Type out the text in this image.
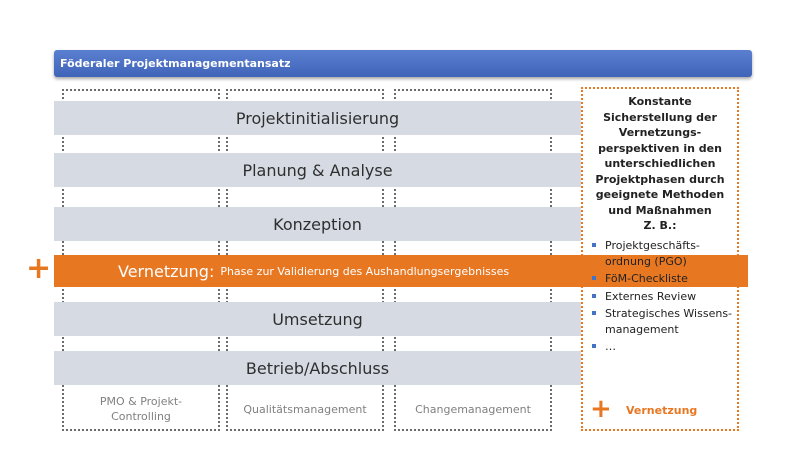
Föderaler Projektmanagementansatz
PMO & Projekt-Controlling
Qualitätsmanagement	Changemanagement
Projektinitialisierung
Planung & Analyse
Konzeption
Vernetzung: Phase zur Validierung des Aushandlungsergebnisses
Umsetzung
Betrieb/Abschluss
+
Konstante Sicherstellung der Vernetzungs-perspektiven in den unterschiedlichen Projektphasen durch geeignete Methoden und Maßnahmen
Z. B.:
Projektgeschäfts-ordnung (PGO)
FöM-Checkliste
Externes Review
Strategisches Wissens-management
…
+ Vernetzung
